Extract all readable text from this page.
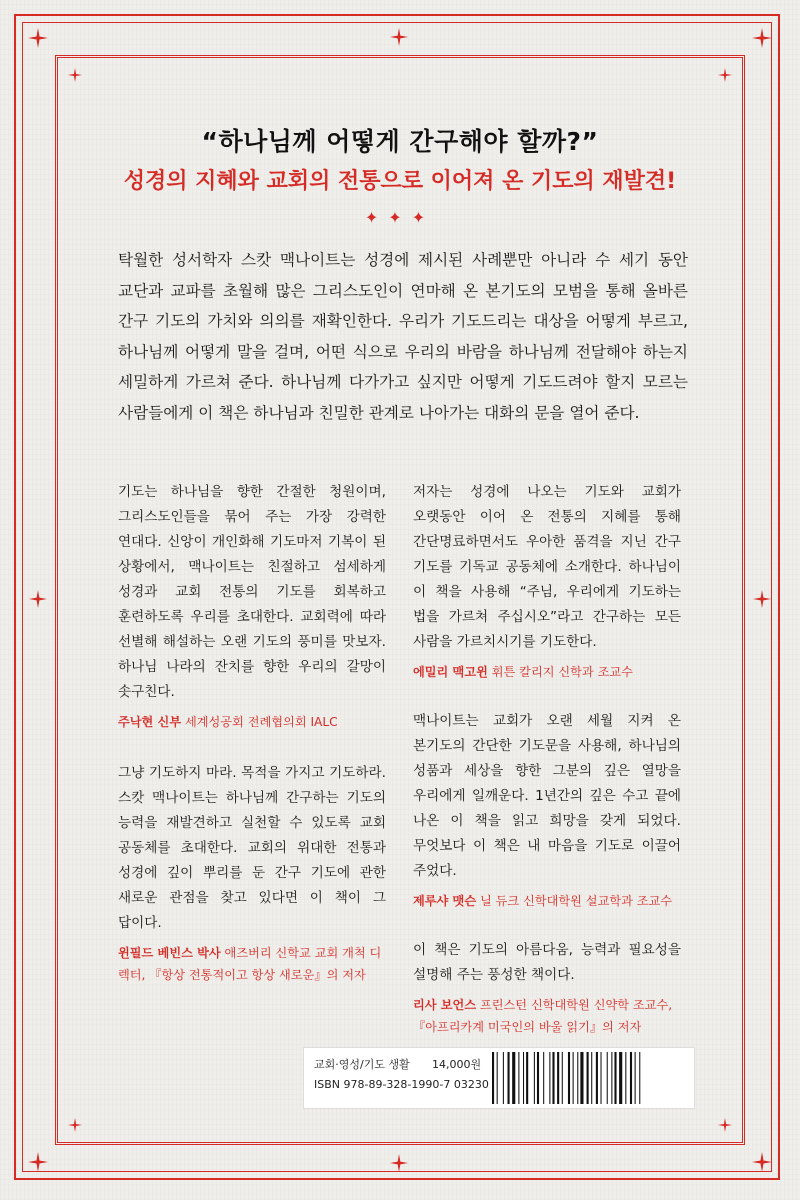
“하나님께 어떻게 간구해야 할까?”
성경의 지혜와 교회의 전통으로 이어져 온 기도의 재발견!
✦✦✦
탁월한 성서학자 스캇 맥나이트는 성경에 제시된 사례뿐만 아니라 수 세기 동안 교단과 교파를 초월해 많은 그리스도인이 연마해 온 본기도의 모범을 통해 올바른 간구 기도의 가치와 의의를 재확인한다. 우리가 기도드리는 대상을 어떻게 부르고, 하나님께 어떻게 말을 걸며, 어떤 식으로 우리의 바람을 하나님께 전달해야 하는지 세밀하게 가르쳐 준다. 하나님께 다가가고 싶지만 어떻게 기도드려야 할지 모르는 사람들에게 이 책은 하나님과 친밀한 관계로 나아가는 대화의 문을 열어 준다.

기도는 하나님을 향한 간절한 청원이며, 그리스도인들을 묶어 주는 가장 강력한 연대다. 신앙이 개인화해 기도마저 기복이 된 상황에서, 맥나이트는 친절하고 섬세하게 성경과 교회 전통의 기도를 회복하고 훈련하도록 우리를 초대한다. 교회력에 따라 선별해 해설하는 오랜 기도의 풍미를 맛보자. 하나님 나라의 잔치를 향한 우리의 갈망이 솟구친다.

주낙현 신부 세계성공회 전례협의회 IALC

그냥 기도하지 마라. 목적을 가지고 기도하라. 스캇 맥나이트는 하나님께 간구하는 기도의 능력을 재발견하고 실천할 수 있도록 교회 공동체를 초대한다. 교회의 위대한 전통과 성경에 깊이 뿌리를 둔 간구 기도에 관한 새로운 관점을 찾고 있다면 이 책이 그 답이다.

윈필드 베빈스 박사 애즈버리 신학교 교회 개척 디렉터, 『항상 전통적이고 항상 새로운』의 저자

저자는 성경에 나오는 기도와 교회가 오랫동안 이어 온 전통의 지혜를 통해 간단명료하면서도 우아한 품격을 지닌 간구 기도를 기독교 공동체에 소개한다. 하나님이 이 책을 사용해 “주님, 우리에게 기도하는 법을 가르쳐 주십시오”라고 간구하는 모든 사람을 가르치시기를 기도한다.

에밀리 맥고윈 휘튼 칼리지 신학과 조교수

맥나이트는 교회가 오랜 세월 지켜 온 본기도의 간단한 기도문을 사용해, 하나님의 성품과 세상을 향한 그분의 깊은 열망을 우리에게 일깨운다. 1년간의 깊은 수고 끝에 나온 이 책을 읽고 희망을 갖게 되었다. 무엇보다 이 책은 내 마음을 기도로 이끌어 주었다.

제루샤 맷슨 닐 듀크 신학대학원 설교학과 조교수

이 책은 기도의 아름다움, 능력과 필요성을 설명해 주는 풍성한 책이다.

리사 보언스 프린스턴 신학대학원 신약학 조교수, 『아프리카계 미국인의 바울 읽기』의 저자
교회·영성/기도 생활 14,000원
ISBN 978-89-328-1990-7 03230
